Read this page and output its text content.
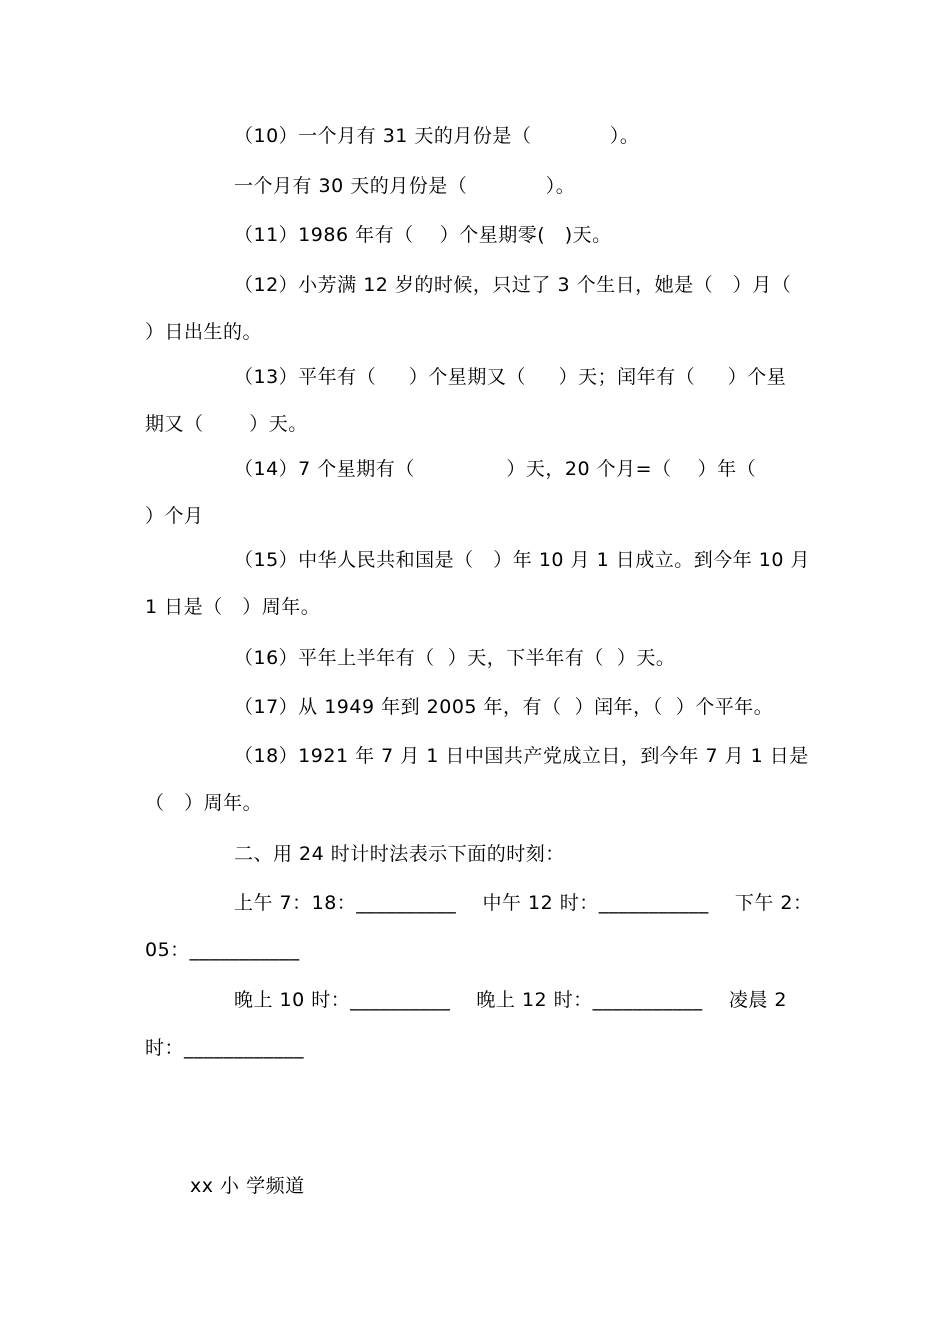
（10）一个月有 31 天的月份是（            ）。
一个月有 30 天的月份是（            ）。
（11）1986 年有（    ）个星期零(   )天。
（12）小芳满 12 岁的时候，只过了 3 个生日，她是（   ）月（
）日出生的。
（13）平年有（     ）个星期又（     ）天；闰年有（     ）个星
期又（       ）天。
（14）7 个星期有（              ）天，20 个月=（    ）年（
）个月
（15）中华人民共和国是（   ）年 10 月 1 日成立。到今年 10 月
1 日是（   ）周年。
（16）平年上半年有（  ）天，下半年有（  ）天。
（17）从 1949 年到 2005 年，有（  ）闰年，（  ）个平年。
（18）1921 年 7 月 1 日中国共产党成立日，到今年 7 月 1 日是
（   ）周年。
二、用 24 时计时法表示下面的时刻：
上午 7：18：__________    中午 12 时：___________    下午 2：
05：___________
晚上 10 时：__________    晚上 12 时：___________    凌晨 2
时：____________
xx 小 学频道
